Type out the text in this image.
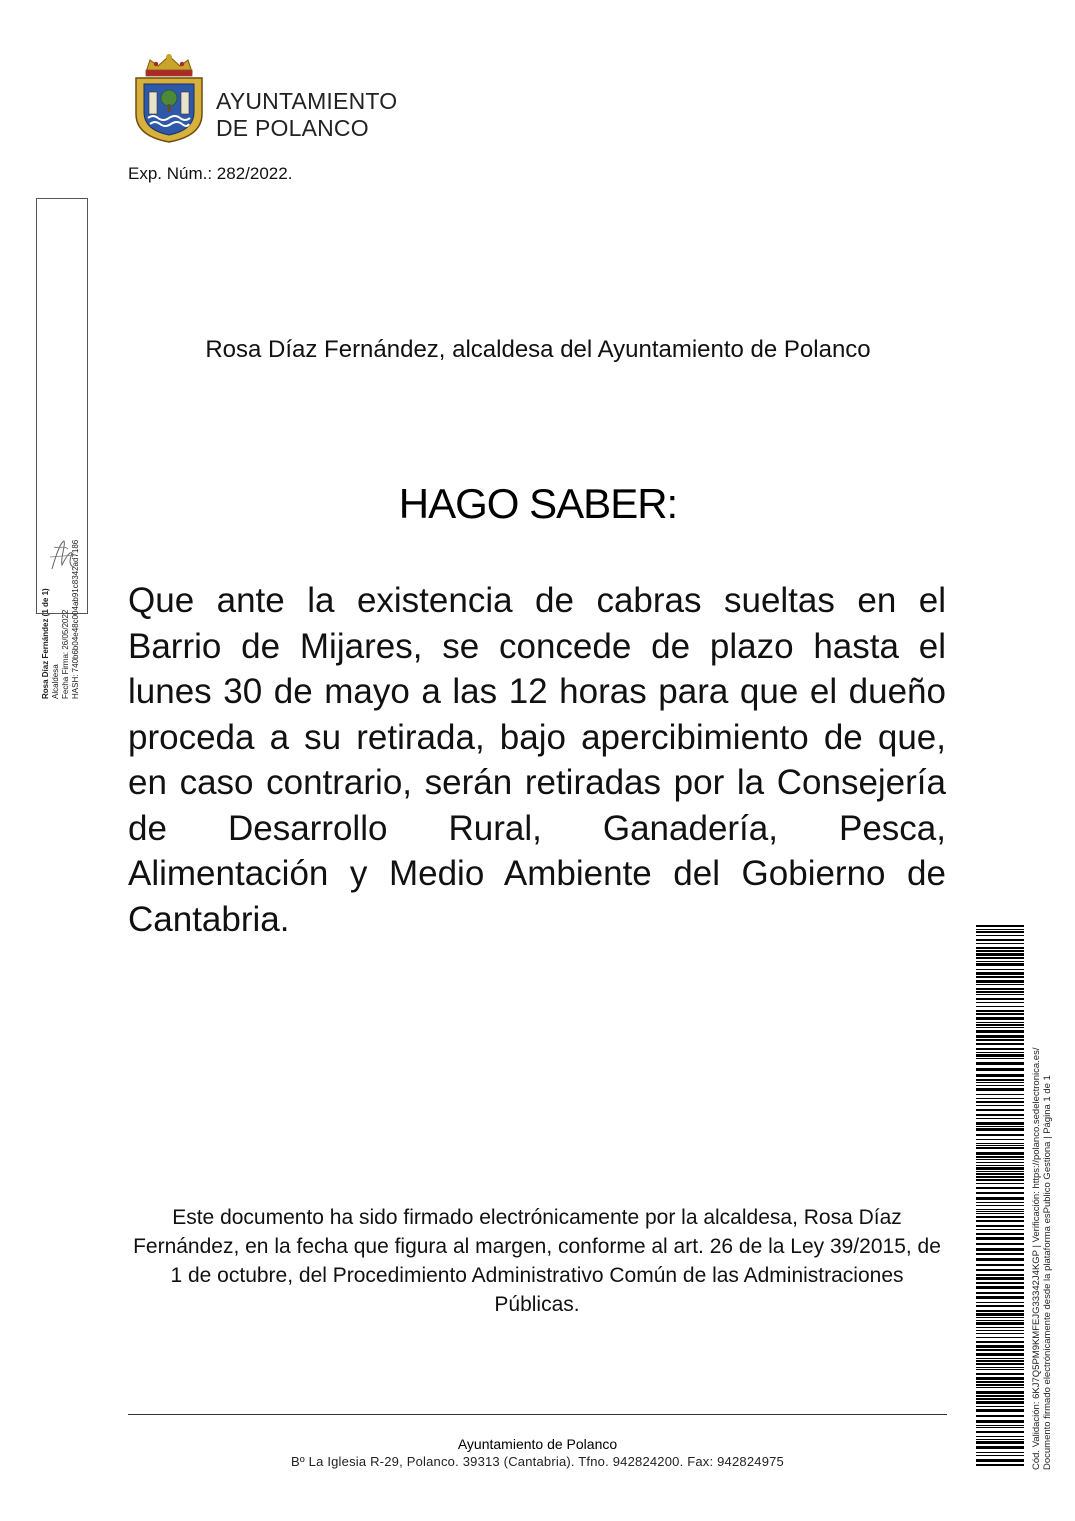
AYUNTAMIENTO
DE POLANCO
Exp. Núm.: 282/2022.
Rosa Díaz Fernández (1 de 1) Alcaldesa Fecha Firma: 26/05/2022 HASH: 740b6b04e48c004ab91c8342ad7186
Rosa Díaz Fernández, alcaldesa del Ayuntamiento de Polanco
HAGO SABER:
Que ante la existencia de cabras sueltas en el Barrio de Mijares, se concede de plazo hasta el lunes 30 de mayo a las 12 horas para que el dueño proceda a su retirada, bajo apercibimiento de que, en caso contrario, serán retiradas por la Consejería de Desarrollo Rural, Ganadería, Pesca, Alimentación y Medio Ambiente del Gobierno de Cantabria.
Este documento ha sido firmado electrónicamente por la alcaldesa, Rosa Díaz Fernández, en la fecha que figura al margen, conforme al art. 26 de la Ley 39/2015, de 1 de octubre, del Procedimiento Administrativo Común de las Administraciones Públicas.
Ayuntamiento de Polanco
Bº La Iglesia R-29, Polanco. 39313 (Cantabria). Tfno. 942824200. Fax: 942824975	Cód. Validación: 6KJ7Q5PM9KMFEJG33342J4KGP | Verificación: https://polanco.sedelectronica.es/ Documento firmado electrónicamente desde la plataforma esPublico Gestiona | Página 1 de 1
